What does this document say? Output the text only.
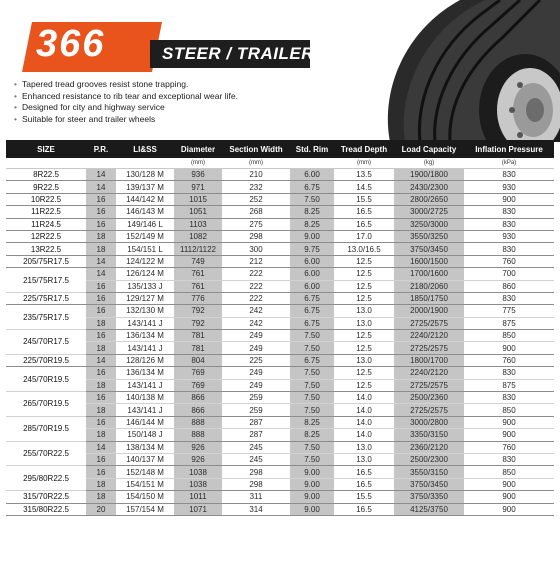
366	STEER / TRAILER
• Tapered tread grooves resist stone trapping.
• Enhanced resistance to rib tear and exceptional wear life.
• Designed for city and highway service
• Suitable for steer and trailer wheels
SIZE	P.R.	LI&SS	Diameter	Section Width	Std. Rim	Tread Depth	Load Capacity	Inflation Pressure
			(mm)	(mm)		(mm)	(kg)	(kPa)
8R22.5	14	130/128 M	936	210	6.00	13.5	1900/1800	830
9R22.5	14	139/137 M	971	232	6.75	14.5	2430/2300	930
10R22.5	16	144/142 M	1015	252	7.50	15.5	2800/2650	900
11R22.5	16	146/143 M	1051	268	8.25	16.5	3000/2725	830
11R24.5	16	149/146 L	1103	275	8.25	16.5	3250/3000	830
12R22.5	18	152/149 M	1082	298	9.00	17.0	3550/3250	930
13R22.5	18	154/151 L	1112/1122	300	9.75	13.0/16.5	3750/3450	830
205/75R17.5	14	124/122 M	749	212	6.00	12.5	1600/1500	760
215/75R17.5	14	126/124 M	761	222	6.00	12.5	1700/1600	700
	16	135/133 J	761	222	6.00	12.5	2180/2060	860
225/75R17.5	16	129/127 M	776	222	6.75	12.5	1850/1750	830
235/75R17.5	16	132/130 M	792	242	6.75	13.0	2000/1900	775
	18	143/141 J	792	242	6.75	13.0	2725/2575	875
245/70R17.5	16	136/134 M	781	249	7.50	12.5	2240/2120	850
	18	143/141 J	781	249	7.50	12.5	2725/2575	900
225/70R19.5	14	128/126 M	804	225	6.75	13.0	1800/1700	760
245/70R19.5	16	136/134 M	769	249	7.50	12.5	2240/2120	830
	18	143/141 J	769	249	7.50	12.5	2725/2575	875
265/70R19.5	16	140/138 M	866	259	7.50	14.0	2500/2360	830
	18	143/141 J	866	259	7.50	14.0	2725/2575	850
285/70R19.5	16	146/144 M	888	287	8.25	14.0	3000/2800	900
	18	150/148 J	888	287	8.25	14.0	3350/3150	900
255/70R22.5	14	138/134 M	926	245	7.50	13.0	2360/2120	760
	16	140/137 M	926	245	7.50	13.0	2500/2300	830
295/80R22.5	16	152/148 M	1038	298	9.00	16.5	3550/3150	850
	18	154/151 M	1038	298	9.00	16.5	3750/3450	900
315/70R22.5	18	154/150 M	1011	311	9.00	15.5	3750/3350	900
315/80R22.5	20	157/154 M	1071	314	9.00	16.5	4125/3750	900
